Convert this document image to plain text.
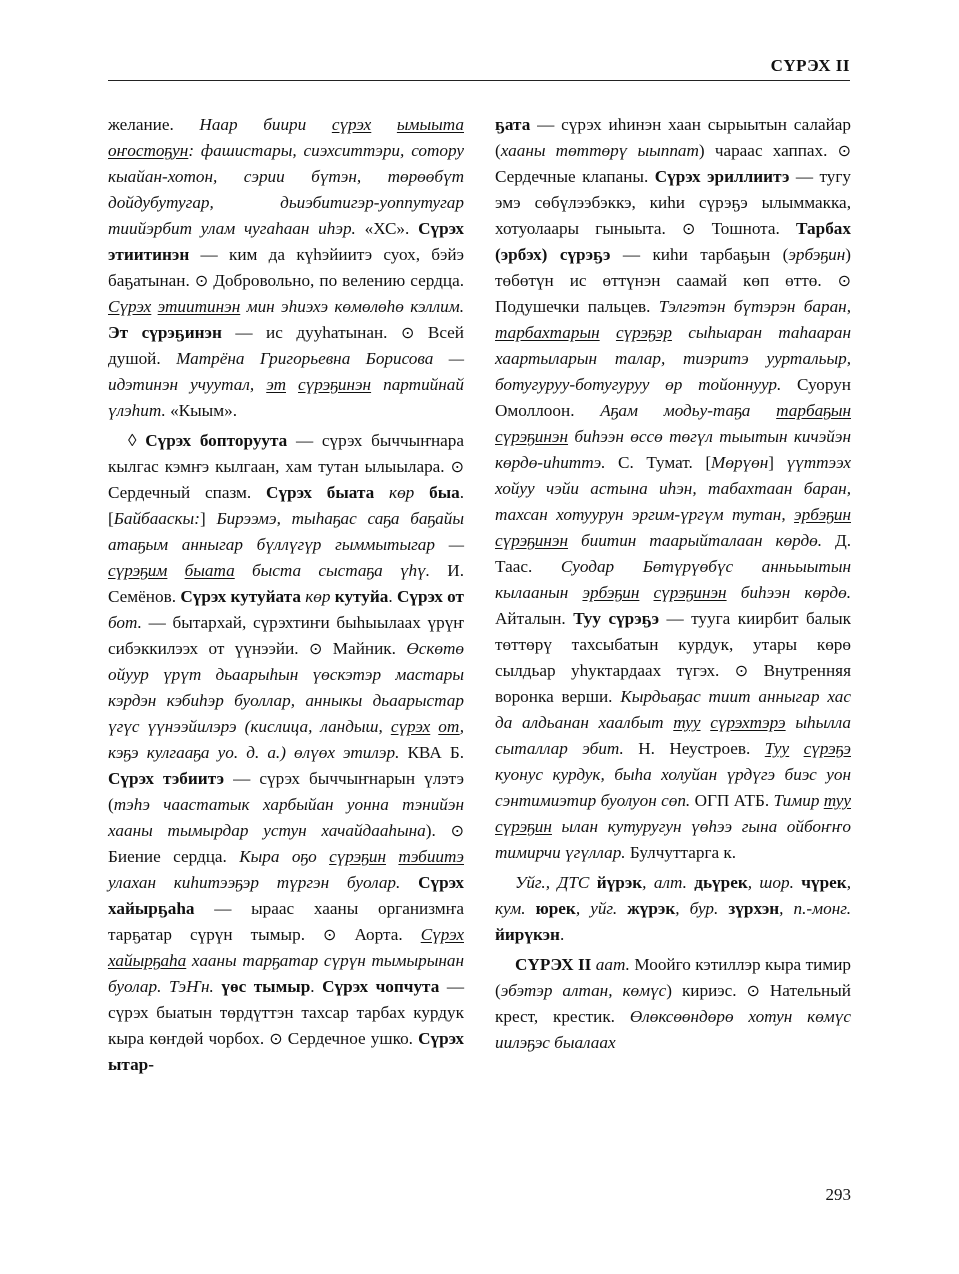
СҮРЭХ II

желание. Наар биири сүрэх ымыыта оҥостоҕун: фашистары, сиэхситтэри, сотору кыайан-хотон, сэрии бүтэн, төрөөбүт дойдубутугар, дьиэбитигэр-уоппутугар тиийэрбит улам чугаһаан иһэр. «ХС». Сүрэх этиитинэн — ким да күһэйиитэ суох, бэйэ баҕатынан. ⊙ Добровольно, по велению сердца. Сүрэх этиитинэн мин эһиэхэ көмөлөһө кэллим. Эт сүрэҕинэн — ис дууһатынан. ⊙ Всей душой. Матрёна Григорьевна Борисова — идэтинэн учуутал, эт сүрэҕинэн партийнай үлэһит. «Кыым».

◊ Сүрэх бопторуута — сүрэх быччыҥнара кылгас кэмҥэ кылгаан, хам тутан ылыылара. ⊙ Сердечный спазм. Сүрэх быата көр быа. [Байбааскы:] Бирээмэ, тыһаҕас саҕа баҕайы атаҕым анныгар бүллүгүр гыммытыгар — сүрэҕим быата быста сыстаҕа үһү. И. Семёнов. Сүрэх кутуйата көр кутуйа. Сүрэх от бот. — бытархай, сүрэхтиҥи быһыылаах үрүҥ сибэккилээх от үүнээйи. ⊙ Майник. Өскөтө ойуур үрүт дьаарыһын үөскэтэр мастары кэрдэн кэбиһэр буоллар, анныкы дьаарыстар үгүс үүнээйилэрэ (кислица, ландыш, сүрэх от, кэҕэ кулгааҕа уо. д. а.) өлүөх этилэр. КВА Б. Сүрэх тэбиитэ — сүрэх быччыҥнарын үлэтэ (тэһэ чаастатык харбыйан уонна тэнийэн хааны тымырдар устун хачайдааһына). ⊙ Биение сердца. Кыра оҕо сүрэҕин тэбиитэ улахан киһитээҕэр түргэн буолар. Сүрэх хайырҕаһа — ыраас хааны организмҥа тарҕатар сүрүн тымыр. ⊙ Аорта. Сүрэх хайырҕаһа хааны тарҕатар сүрүн тымырынан буолар. ТэҤн. үөс тымыр. Сүрэх чопчута — сүрэх быатын төрдүттэн тахсар тарбах курдук кыра көҥдөй чорбох. ⊙ Сердечное ушко. Сүрэх ытар-

ҕата — сүрэх иһинэн хаан сырыытын салайар (хааны төттөрү ыыппат) чараас хаппах. ⊙ Сердечные клапаны. Сүрэх эриллиитэ — тугу эмэ сөбүлээбэккэ, киһи сүрэҕэ ылыммакка, хотуолаары гыныыта. ⊙ Тошнота. Тарбах (эрбэх) сүрэҕэ — киһи тарбаҕын (эрбэҕин) төбөтүн ис өттүнэн саамай көп өттө. ⊙ Подушечки пальцев. Тэлгэтэн бүтэрэн баран, тарбахтарын сүрэҕэр сыһыаран таһааран хаартыларын талар, тиэритэ ууртальыр, ботугуруу-ботугуруу өр тойоннуур. Суорун Омоллоон. Аҕам модьу-таҕа тарбаҕын сүрэҕинэн биһээн өссө төгүл тыытын кичэйэн көрдө-иһиттэ. С. Тумат. [Мөрүөн] үүттээх хойуу чэйи астына иһэн, табахтаан баран, тахсан хотуурун эргим-үргүм тутан, эрбэҕин сүрэҕинэн биитин таарыйталаан көрдө. Д. Таас. Суодар Бөтүрүөбүс анньыытын кылаанын эрбэҕин сүрэҕинэн биһээн көрдө. Айталын. Туу сүрэҕэ — тууга киирбит балык төттөрү тахсыбатын курдук, утары көрө сылдьар уһуктардаах түгэх. ⊙ Внутренняя воронка верши. Кырдьаҕас тиит анныгар хас да алдьанан хаалбыт туу сүрэхтэрэ ыһылла сыталлар эбит. Н. Неустроев. Туу сүрэҕэ куонус курдук, быһа холуйан үрдүгэ биэс уон сэнтимиэтир буолуон сөп. ОГП АТБ. Тимир туу сүрэҕин ылан кутуругун үөһээ гына ойбоҥҥо тимирчи үгүллар. Булчуттарга к.

Уйг., ДТС йүрэк, алт. дьүрек, шор. чүрек, кум. юрек, уйг. жүрэк, бур. зүрхэн, п.-монг. йирүкэн.

СҮРЭХ II аат. Моойго кэтиллэр кыра тимир (эбэтэр алтан, көмүс) кириэс. ⊙ Нательный крест, крестик. Өлөксөөндөрө хотун көмүс иилэҕэс быалаах

293
